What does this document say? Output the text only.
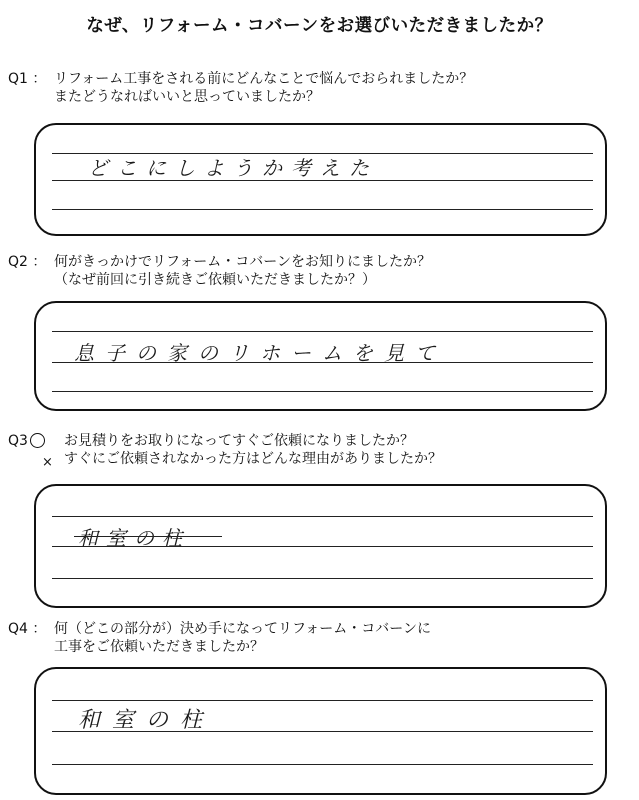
なぜ、リフォーム・コバーンをお選びいただきましたか？
Q1 ： リフォーム工事をされる前にどんなことで悩んでおられましたか？
またどうなればいいと思っていましたか？
どこにしようか考えた
Q2 ： 何がきっかけでリフォーム・コバーンをお知りにましたか？
（なぜ前回に引き続きご依頼いただきましたか？）
息子の家のリホームを見て
Q3	お見積りをお取りになってすぐご依頼になりましたか？
すぐにご依頼されなかった方はどんな理由がありましたか？
×
和室の柱
Q4 ： 何（どこの部分が）決め手になってリフォーム・コバーンに
工事をご依頼いただきましたか？
和室の柱
